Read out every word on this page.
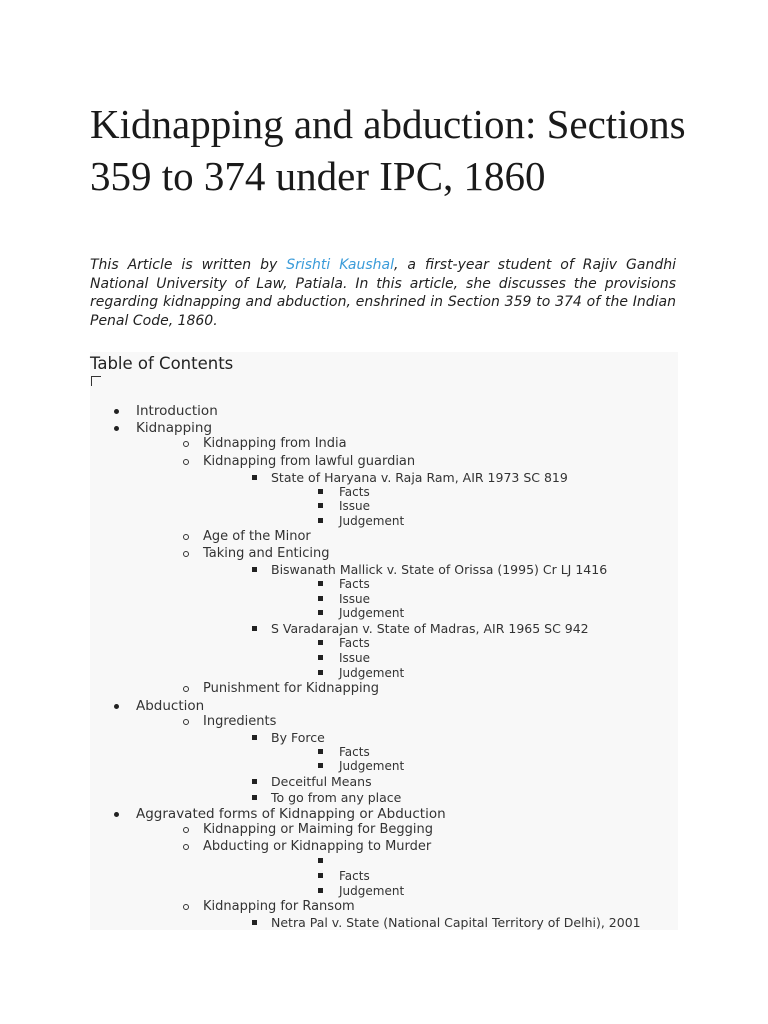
Kidnapping and abduction: Sections 359 to 374 under IPC, 1860

This Article is written by Srishti Kaushal, a first-year student of Rajiv Gandhi National University of Law, Patiala. In this article, she discusses the provisions regarding kidnapping and abduction, enshrined in Section 359 to 374 of the Indian Penal Code, 1860.

Table of Contents
Introduction
Kidnapping
Kidnapping from India
Kidnapping from lawful guardian
State of Haryana v. Raja Ram, AIR 1973 SC 819
Facts
Issue
Judgement
Age of the Minor
Taking and Enticing
Biswanath Mallick v. State of Orissa (1995) Cr LJ 1416
Facts
Issue
Judgement
S Varadarajan v. State of Madras, AIR 1965 SC 942
Facts
Issue
Judgement
Punishment for Kidnapping
Abduction
Ingredients
By Force
Facts
Judgement
Deceitful Means
To go from any place
Aggravated forms of Kidnapping or Abduction
Kidnapping or Maiming for Begging
Abducting or Kidnapping to Murder
Facts
Judgement
Kidnapping for Ransom
Netra Pal v. State (National Capital Territory of Delhi), 2001
